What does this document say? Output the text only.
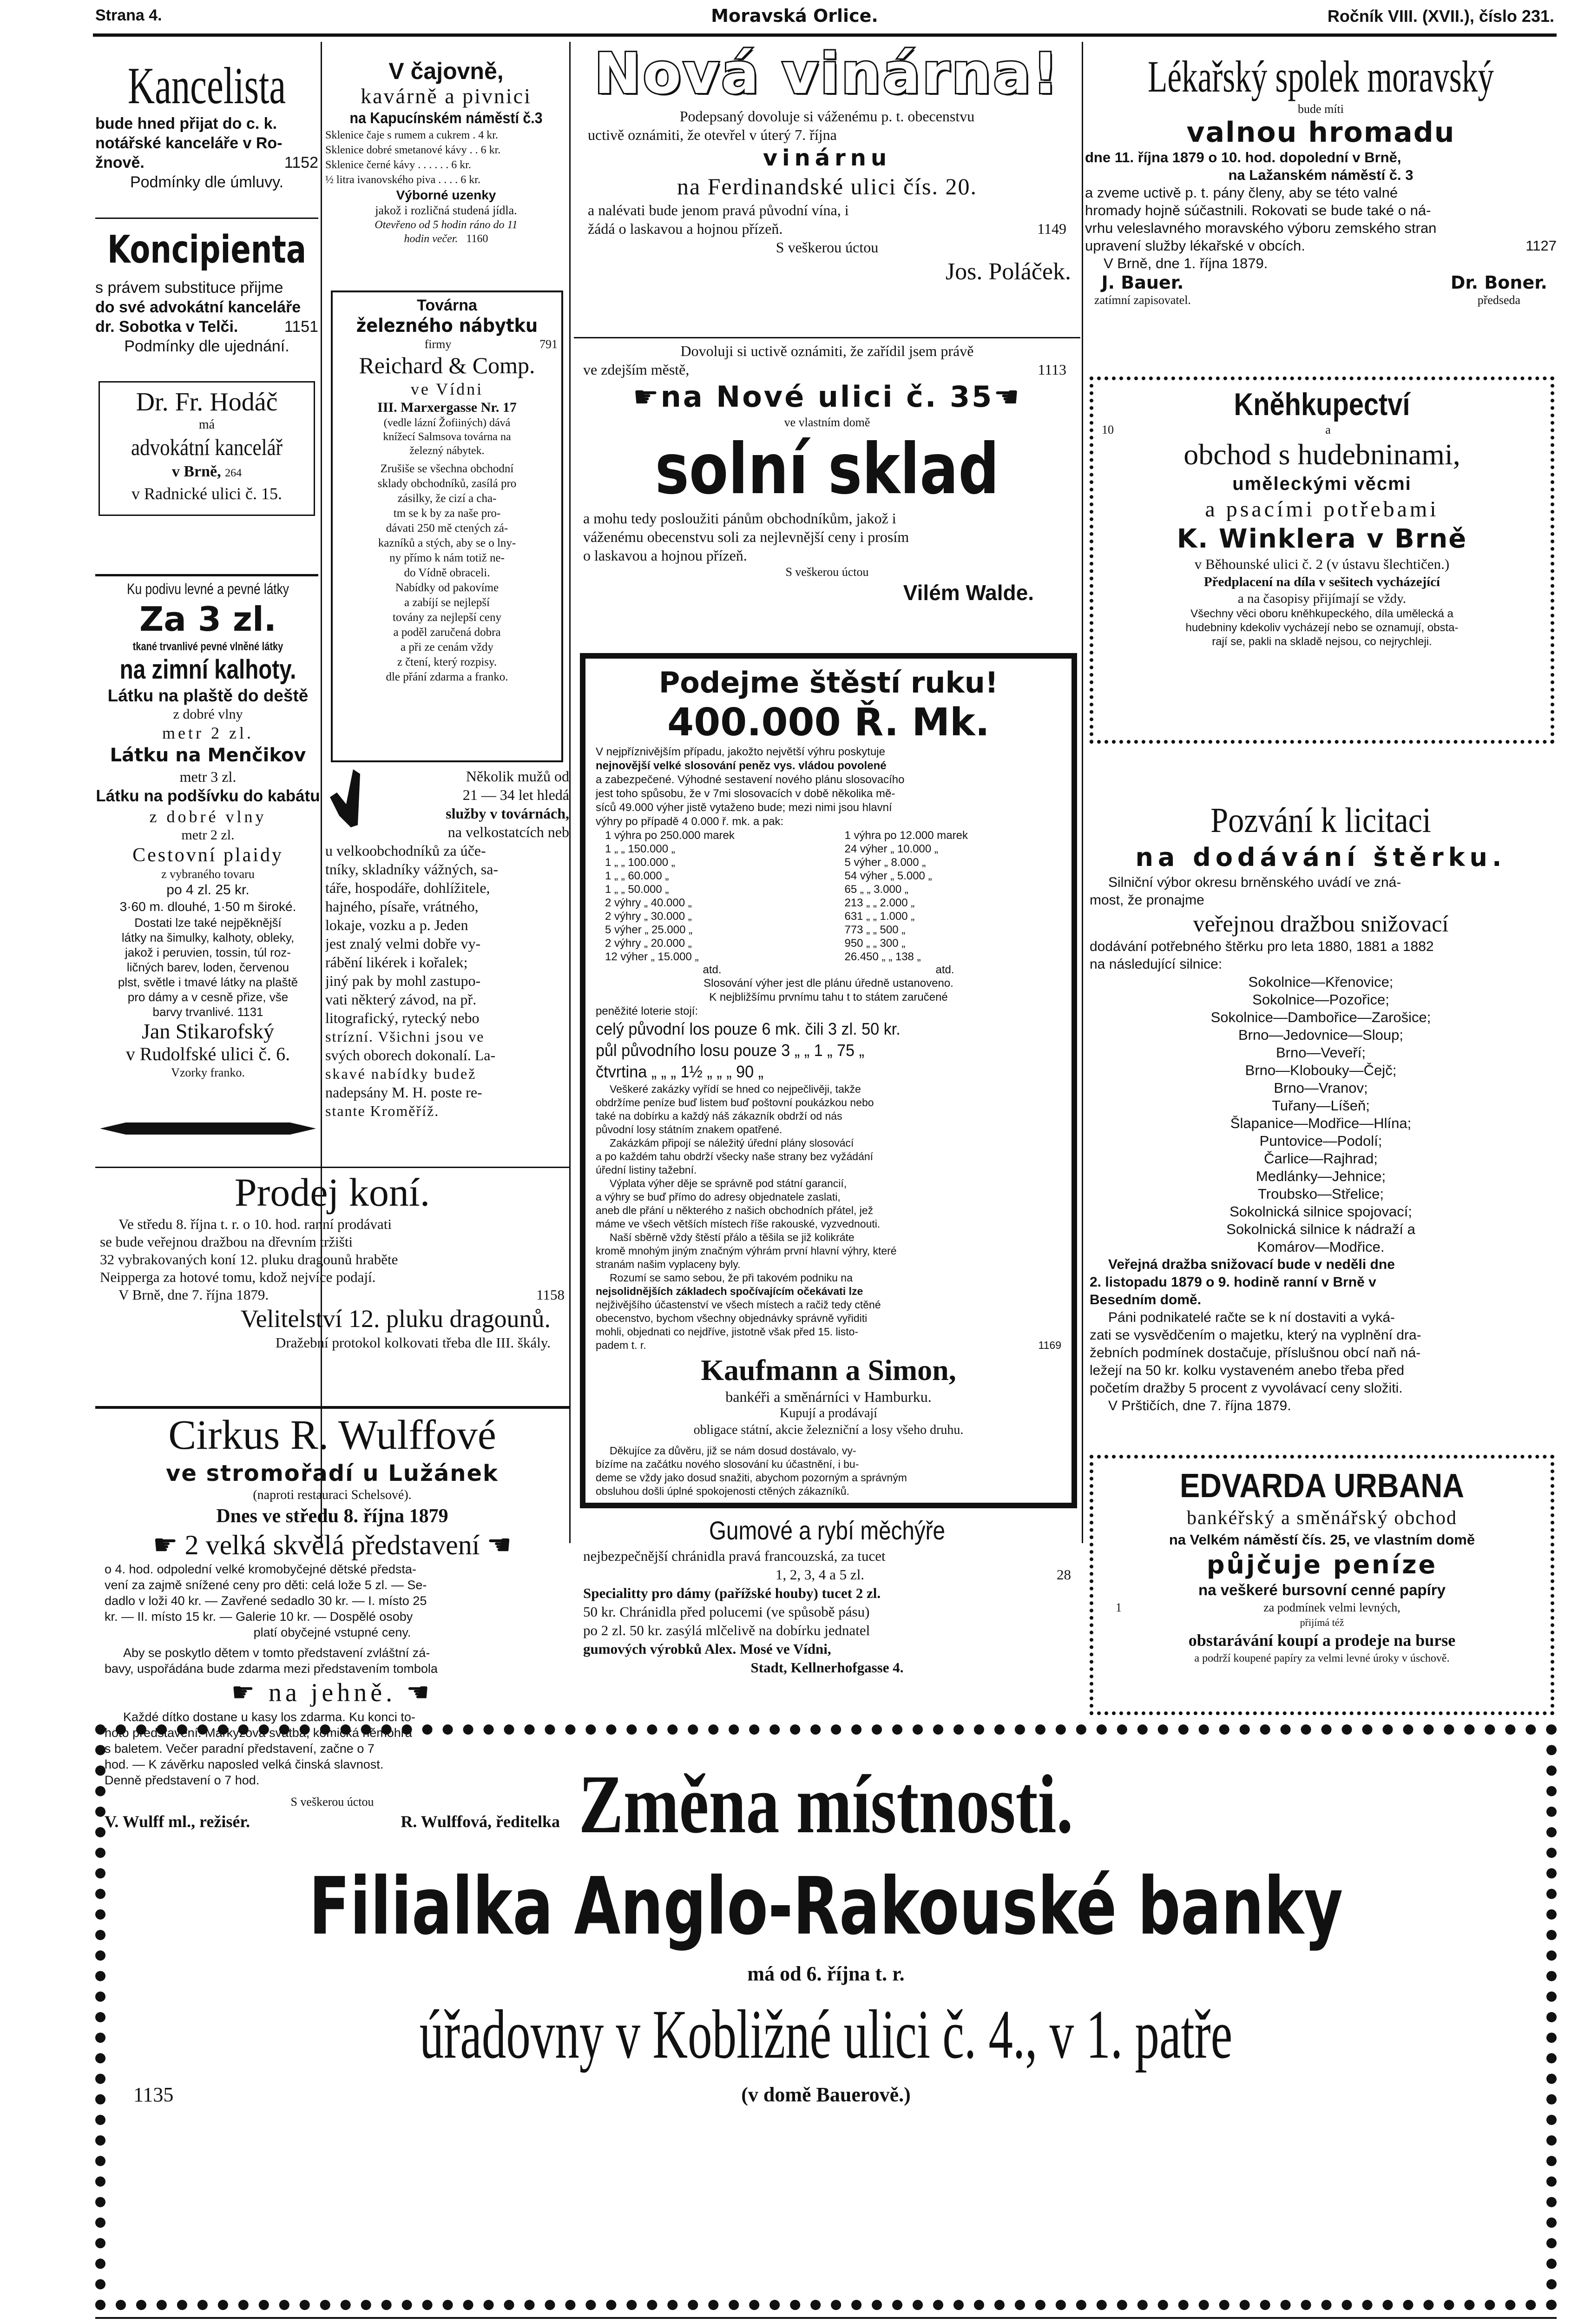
Strana 4.	Moravská Orlice.	Ročník VIII. (XVII.), číslo 231.
Kancelista
bude hned přijat do c. k.
notářské kanceláře v Ro-
žnově.	1152
Podmínky dle úmluvy.
Koncipienta
s právem substituce přijme
do své advokátní kanceláře
dr. Sobotka v Telči.	1151
Podmínky dle ujednání.
Dr. Fr. Hodáč
má
advokátní kancelář
v Brně, 264
v Radnické ulici č. 15.
Ku podivu levné a pevné látky
Za 3 zl.
tkané trvanlivé pevné vlněné látky
na zimní kalhoty.
Látku na plaště do deště
z dobré vlny
metr 2 zl.
Látku na Menčikov
metr 3 zl.
Látku na podšívku do kabátu
z dobré vlny
metr 2 zl.
Cestovní plaidy
z vybraného tovaru
po 4 zl. 25 kr.
3·60 m. dlouhé, 1·50 m široké.
Dostati lze také nejpěknější
látky na šimulky, kalhoty, obleky,
jakož i peruvien, tossin, túl roz-
ličných barev, loden, červenou
plst, světle i tmavé látky na plaště
pro dámy a v cesně přize, vše
barvy trvanlivé. 1131
Jan Stikarofský
v Rudolfské ulici č. 6.
Vzorky franko.
V čajovně,
kavárně a pivnici
na Kapucínském náměstí č.3
Sklenice čaje s rumem a cukrem . 4 kr.
Sklenice dobré smetanové kávy . . 6 kr.
Sklenice černé kávy . . . . . . 6 kr.
½ litra ivanovského piva . . . . 6 kr.
Výborné uzenky
jakož i rozličná studená jídla.
Otevřeno od 5 hodin ráno do 11
hodin večer. 1160
Továrna
železného nábytku
firmy	791
Reichard & Comp.
ve Vídni
III. Marxergasse Nr. 17
(vedle lázní Žofiiných) dává
knížecí Salmsova továrna na
železný nábytek.
Zrušiše se všechna obchodní
sklady obchodníků, zasílá pro
zásilky, že cizí a cha-
tm se k by za naše pro-
dávati 250 mě ctených zá-
kazníků a stých, aby se o lny-
ny přímo k nám totiž ne-
do Vídně obraceli.
Nabídky od pakovíme
a zabíjí se nejlepší
továny za nejlepší ceny
a poděl zaručená dobra
a při ze cenám vždy
z čtení, který rozpisy.
dle přání zdarma a franko.
Několik mužů od
21 — 34 let hledá
služby v továrnách,
na velkostatcích neb
u velkoobchodníků za úče-
tníky, skladníky vážných, sa-
táře, hospodáře, dohlížitele,
hajného, písaře, vrátného,
lokaje, vozku a p. Jeden
jest znalý velmi dobře vy-
rábění likérek i kořalek;
jiný pak by mohl zastupo-
vati některý závod, na př.
litografický, rytecký nebo
strízní. Všichni jsou ve
svých oborech dokonalí. La-
skavé nabídky budež
nadepsány M. H. poste re-
stante Kroměříž.
Prodej koní.
Ve středu 8. října t. r. o 10. hod. ranní prodávati
se bude veřejnou dražbou na dřevním tržišti
32 vybrakovaných koní 12. pluku dragounů hraběte
Neipperga za hotové tomu, kdož nejvíce podají.
V Brně, dne 7. října 1879.	1158
Velitelství 12. pluku dragounů.
Dražební protokol kolkovati třeba dle III. škály.
Cirkus R. Wulffové
ve stromořadí u Lužánek
(naproti restauraci Schelsové).
Dnes ve středu 8. října 1879
☛ 2 velká skvělá představení ☚
o 4. hod. odpolední velké kromobyčejné dětské předsta-
vení za zajmě snížené ceny pro děti: celá lože 5 zl. — Se-
dadlo v loži 40 kr. — Zavřené sedadlo 30 kr. — I. místo 25
kr. — II. místo 15 kr. — Galerie 10 kr. — Dospělé osoby
platí obyčejné vstupné ceny.
Aby se poskytlo dětem v tomto představení zvláštní zá-
bavy, uspořádána bude zdarma mezi představením tombola
☛ na jehně. ☚
Každé dítko dostane u kasy los zdarma. Ku konci to-
hoto představení: Markyzova svatba, komická němohra
s baletem. Večer paradní představení, začne o 7
hod. — K závěrku naposled velká činská slavnost.
Denně představení o 7 hod.
S veškerou úctou
V. Wulff ml., režisér.	R. Wulffová, ředitelka
Nová vinárna!
Podepsaný dovoluje si váženému p. t. obecenstvu
uctivě oznámiti, že otevřel v úterý 7. října
vinárnu
na Ferdinandské ulici čís. 20.
a nalévati bude jenom pravá původní vína, i
žádá o laskavou a hojnou přízeň.	1149
S veškerou úctou
Jos. Poláček.
Dovoluji si uctivě oznámiti, že zařídil jsem právě
ve zdejším městě,	1113
☛na Nové ulici č. 35☚
ve vlastním domě
solní sklad
a mohu tedy posloužiti pánům obchodníkům, jakož i
váženému obecenstvu soli za nejlevnější ceny i prosím
o laskavou a hojnou přízeň.
S veškerou úctou
Vilém Walde.
Podejme štěstí ruku!
400.000 Ř. Mk.
V nejpříznivějším případu, jakožto největší výhru poskytuje
nejnovější velké slosování peněz vys. vládou povolené
a zabezpečené. Výhodné sestavení nového plánu slosovacího
jest toho spůsobu, že v 7mi slosovacích v době několika mě-
síců 49.000 výher jistě vytaženo bude; mezi nimi jsou hlavní
výhry po případě 4 0.000 ř. mk. a pak:
1 výhra po 250.000 marek	1 výhra po 12.000 marek
1 „ „ 150.000 „	24 výher „ 10.000 „
1 „ „ 100.000 „	5 výher „ 8.000 „
1 „ „ 60.000 „	54 výher „ 5.000 „
1 „ „ 50.000 „	65 „ „ 3.000 „
2 výhry „ 40.000 „	213 „ „ 2.000 „
2 výhry „ 30.000 „	631 „ „ 1.000 „
5 výher „ 25.000 „	773 „ „ 500 „
2 výhry „ 20.000 „	950 „ „ 300 „
12 výher „ 15.000 „	26.450 „ „ 138 „
atd.	atd.
Slosování výher jest dle plánu úředně ustanoveno.
K nejbližšímu prvnímu tahu t to státem zaručené
peněžité loterie stojí:
celý původní los pouze 6 mk. čili 3 zl. 50 kr.
půl původního losu pouze 3 „ „ 1 „ 75 „
čtvrtina „ „ „ 1½ „ „ „ 90 „
Veškeré zakázky vyřídí se hned co nejpečlivěji, takže
obdržíme peníze buď listem buď poštovní poukázkou nebo
také na dobírku a každý náš zákazník obdrží od nás
původní losy státním znakem opatřené.
Zakázkám připojí se náležitý úřední plány slosovácí
a po každém tahu obdrží všecky naše strany bez vyžádání
úřední listiny tažební.
Výplata výher děje se správně pod státní garancií,
a výhry se buď přímo do adresy objednatele zaslati,
aneb dle přání u některého z našich obchodních přátel, jež
máme ve všech větších místech říše rakouské, vyzvednouti.
Naší sběrně vždy štěstí přálo a těšila se již kolikráte
kromě mnohým jiným značným výhrám první hlavní výhry, které
stranám našim vyplaceny byly.
Rozumí se samo sebou, že při takovém podniku na
nejsolidnějších základech spočívajícím očekávati lze
nejživějšího účastenství ve všech místech a račiž tedy ctěné
obecenstvo, bychom všechny objednávky správně vyřiditi
mohli, objednati co nejdříve, jistotně však před 15. listo-
padem t. r.	1169
Kaufmann a Simon,
bankéři a směnárníci v Hamburku.
Kupují a prodávají
obligace státní, akcie železniční a losy všeho druhu.
Děkujíce za důvěru, již se nám dosud dostávalo, vy-
bízíme na začátku nového slosování ku účastnění, i bu-
deme se vždy jako dosud snažiti, abychom pozorným a správným
obsluhou došli úplné spokojenosti ctěných zákazníků.
Gumové a rybí měchýře
nejbezpečnější chránidla pravá francouzská, za tucet
1, 2, 3, 4 a 5 zl.	28
Specialitty pro dámy (pařížské houby) tucet 2 zl.
50 kr. Chránidla před polucemi (ve spůsobě pásu)
po 2 zl. 50 kr. zasýlá mlčelivě na dobírku jednatel
gumových výrobků Alex. Mosé ve Vídni,
Stadt, Kellnerhofgasse 4.
Lékařský spolek moravský
bude míti
valnou hromadu
dne 11. října 1879 o 10. hod. dopolední v Brně,
na Lažanském náměstí č. 3
a zveme uctivě p. t. pány členy, aby se této valné
hromady hojně súčastnili. Rokovati se bude také o ná-
vrhu veleslavného moravského výboru zemského stran
upravení služby lékařské v obcích.	1127
V Brně, dne 1. října 1879.
J. Bauer.
zatímní zapisovatel.
Dr. Boner.
předseda
Kněhkupectví
10	a
obchod s hudebninami,
uměleckými věcmi
a psacími potřebami
K. Winklera v Brně
v Běhounské ulici č. 2 (v ústavu šlechtičen.)
Předplacení na díla v sešitech vycházející
a na časopisy přijímají se vždy.
Všechny věci oboru kněhkupeckého, díla umělecká a
hudebniny kdekoliv vycházejí nebo se oznamují, obsta-
rají se, pakli na skladě nejsou, co nejrychleji.
Pozvání k licitaci
na dodávání štěrku.
Silniční výbor okresu brněnského uvádí ve zná-
most, že pronajme
veřejnou dražbou snižovací
dodávání potřebného štěrku pro leta 1880, 1881 a 1882
na následující silnice:
Sokolnice—Křenovice;
Sokolnice—Pozořice;
Sokolnice—Dambořice—Zarošice;
Brno—Jedovnice—Sloup;
Brno—Veveří;
Brno—Klobouky—Čejč;
Brno—Vranov;
Tuřany—Líšeň;
Šlapanice—Modřice—Hlína;
Puntovice—Podolí;
Čarlice—Rajhrad;
Medlánky—Jehnice;
Troubsko—Střelice;
Sokolnická silnice spojovací;
Sokolnická silnice k nádraží a
Komárov—Modřice.
Veřejná dražba snižovací bude v neděli dne
2. listopadu 1879 o 9. hodině ranní v Brně v
Besedním domě.
Páni podnikatelé račte se k ní dostaviti a vyká-
zati se vysvědčením o majetku, který na vyplnění dra-
žebních podmínek dostačuje, příslušnou obcí naň ná-
ležejí na 50 kr. kolku vystaveném anebo třeba před
početím dražby 5 procent z vyvolávací ceny složiti.
V Prštičích, dne 7. října 1879.
EDVARDA URBANA
bankéřský a směnářský obchod
na Velkém náměstí čís. 25, ve vlastním domě
půjčuje peníze
na veškeré bursovní cenné papíry
1	za podmínek velmi levných,
přijímá též
obstarávání koupí a prodeje na burse
a podrží koupené papíry za velmi levné úroky v úschově.
Změna místnosti.
Filialka Anglo-Rakouské banky
má od 6. října t. r.
úřadovny v Kobližné ulici č. 4., v 1. patře
1135	(v domě Bauerově.)
